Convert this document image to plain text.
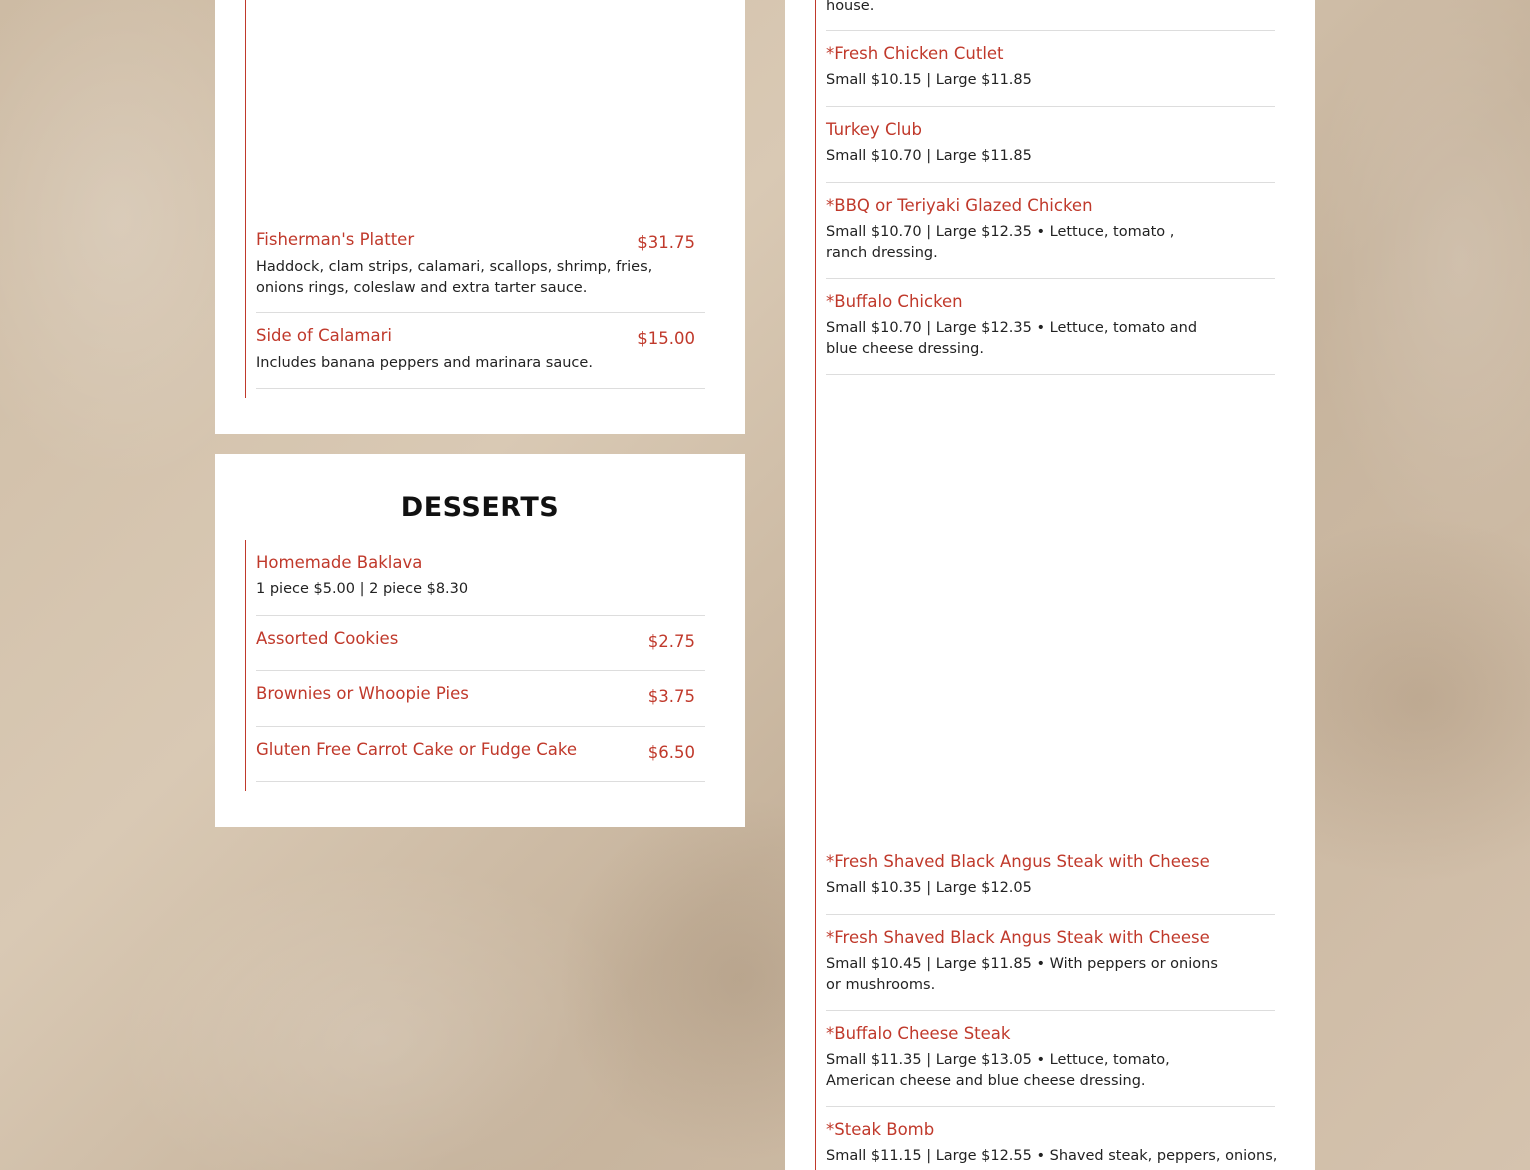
Fisherman's Platter	$31.75
Haddock, clam strips, calamari, scallops, shrimp, fries, onions rings, coleslaw and extra tarter sauce.
Side of Calamari	$15.00
Includes banana peppers and marinara sauce.
DESSERTS
Homemade Baklava
1 piece $5.00 | 2 piece $8.30
Assorted Cookies	$2.75
Brownies or Whoopie Pies	$3.75
Gluten Free Carrot Cake or Fudge Cake	$6.50
house.
*Fresh Chicken Cutlet
Small $10.15 | Large $11.85
Turkey Club
Small $10.70 | Large $11.85
*BBQ or Teriyaki Glazed Chicken
Small $10.70 | Large $12.35 • Lettuce, tomato , ranch dressing.
*Buffalo Chicken
Small $10.70 | Large $12.35 • Lettuce, tomato and blue cheese dressing.
*Fresh Shaved Black Angus Steak with Cheese
Small $10.35 | Large $12.05
*Fresh Shaved Black Angus Steak with Cheese
Small $10.45 | Large $11.85 • With peppers or onions or mushrooms.
*Buffalo Cheese Steak
Small $11.35 | Large $13.05 • Lettuce, tomato, American cheese and blue cheese dressing.
*Steak Bomb
Small $11.15 | Large $12.55 • Shaved steak, peppers, onions,
